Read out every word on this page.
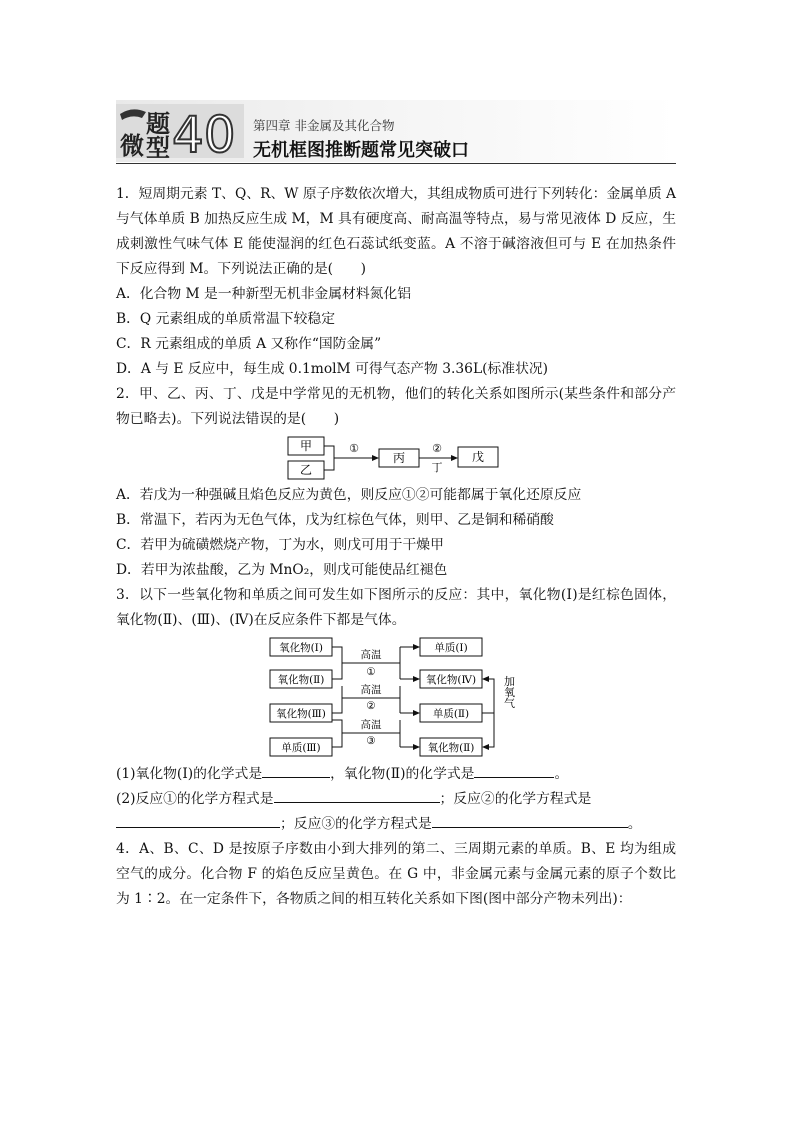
微
题
型 40 第四章 非金属及其化合物
无机框图推断题常见突破口

1．短周期元素 T、Q、R、W 原子序数依次增大，其组成物质可进行下列转化：金属单质 A 与气体单质 B 加热反应生成 M，M 具有硬度高、耐高温等特点，易与常见液体 D 反应，生成刺激性气味气体 E 能使湿润的红色石蕊试纸变蓝。A 不溶于碱溶液但可与 E 在加热条件下反应得到 M。下列说法正确的是(　　)

A．化合物 M 是一种新型无机非金属材料氮化铝

B．Q 元素组成的单质常温下较稳定

C．R 元素组成的单质 A 又称作“国防金属”

D．A 与 E 反应中，每生成 0.1molM 可得气态产物 3.36L(标准状况)

2．甲、乙、丙、丁、戊是中学常见的无机物，他们的转化关系如图所示(某些条件和部分产物已略去)。下列说法错误的是(　　)

甲
乙
①
丙
②
丁
戊

A．若戊为一种强碱且焰色反应为黄色，则反应①②可能都属于氧化还原反应

B．常温下，若丙为无色气体，戊为红棕色气体，则甲、乙是铜和稀硝酸

C．若甲为硫磺燃烧产物，丁为水，则戊可用于干燥甲

D．若甲为浓盐酸，乙为 MnO₂，则戊可能使品红褪色

3．以下一些氧化物和单质之间可发生如下图所示的反应：其中，氧化物(Ⅰ)是红棕色固体，氧化物(Ⅱ)、(Ⅲ)、(Ⅳ)在反应条件下都是气体。

氧化物(Ⅰ)
氧化物(Ⅱ)
氧化物(Ⅲ)
单质(Ⅲ)
单质(Ⅰ)
氧化物(Ⅳ)
单质(Ⅱ)
氧化物(Ⅱ)
高温
①
高温
②
高温
③
加氧气

(1)氧化物(Ⅰ)的化学式是	，氧化物(Ⅱ)的化学式是	。

(2)反应①的化学方程式是	；反应②的化学方程式是
；反应③的化学方程式是	。

4．A、B、C、D 是按原子序数由小到大排列的第二、三周期元素的单质。B、E 均为组成空气的成分。化合物 F 的焰色反应呈黄色。在 G 中，非金属元素与金属元素的原子个数比为 1∶2。在一定条件下，各物质之间的相互转化关系如下图(图中部分产物未列出)：
